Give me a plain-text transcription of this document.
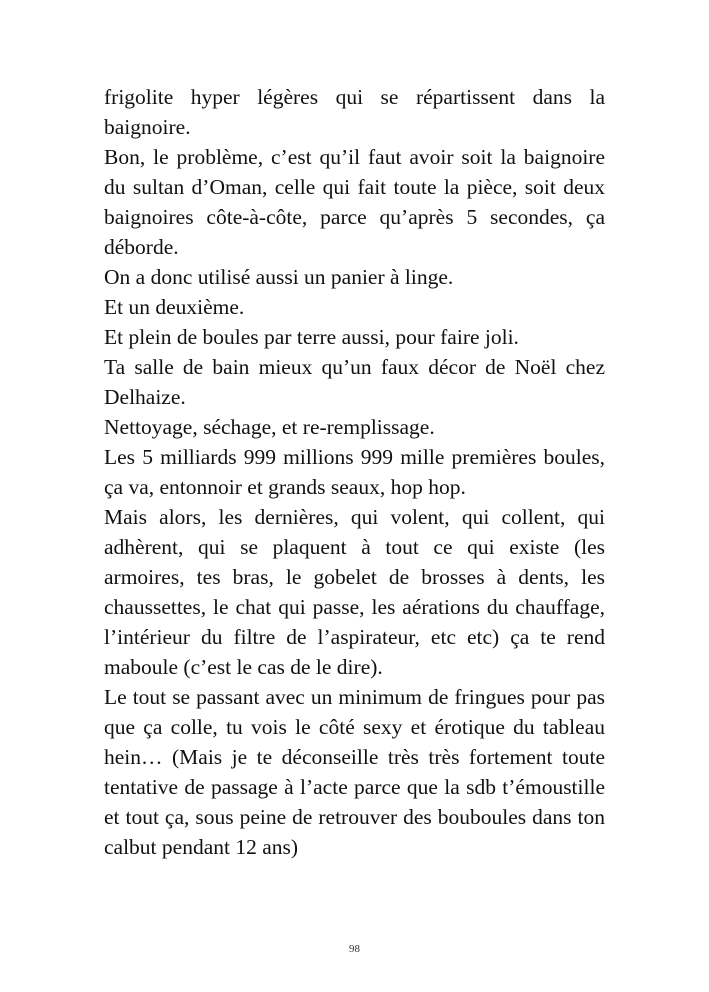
frigolite hyper légères qui se répartissent dans la baignoire.

Bon, le problème, c’est qu’il faut avoir soit la baignoire du sultan d’Oman, celle qui fait toute la pièce, soit deux baignoires côte-à-côte, parce qu’après 5 secondes, ça déborde.

On a donc utilisé aussi un panier à linge.

Et un deuxième.

Et plein de boules par terre aussi, pour faire joli.

Ta salle de bain mieux qu’un faux décor de Noël chez Delhaize.

Nettoyage, séchage, et re-remplissage.

Les 5 milliards 999 millions 999 mille premières boules, ça va, entonnoir et grands seaux, hop hop.

Mais alors, les dernières, qui volent, qui collent, qui adhèrent, qui se plaquent à tout ce qui existe (les armoires, tes bras, le gobelet de brosses à dents, les chaussettes, le chat qui passe, les aérations du chauffage, l’intérieur du filtre de l’aspirateur, etc etc) ça te rend maboule (c’est le cas de le dire).

Le tout se passant avec un minimum de fringues pour pas que ça colle, tu vois le côté sexy et érotique du tableau hein… (Mais je te déconseille très très fortement toute tentative de passage à l’acte parce que la sdb t’émoustille et tout ça, sous peine de retrouver des bouboules dans ton calbut pendant 12 ans)

98
